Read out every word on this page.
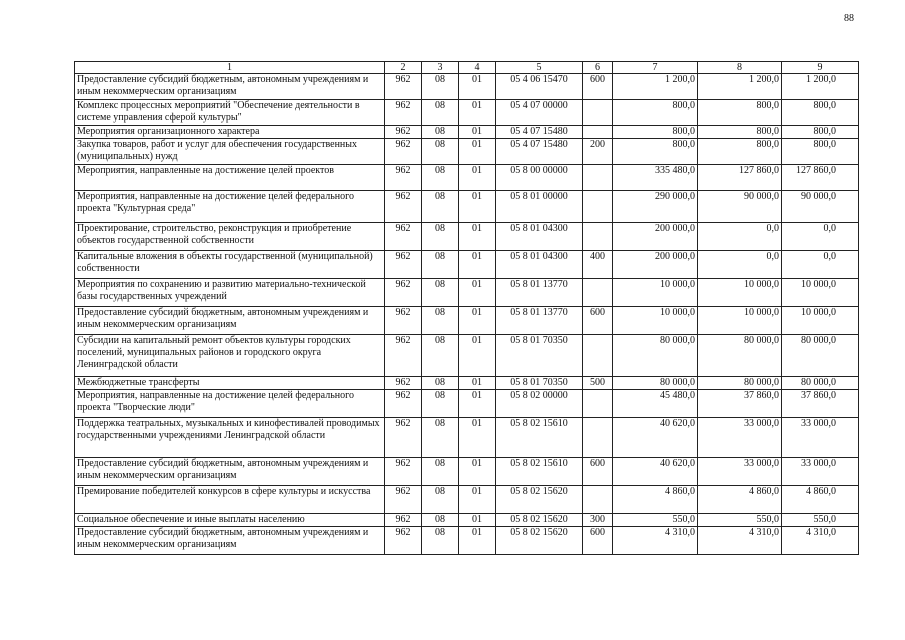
88
1	2	3	4	5	6	7	8	9
Предоставление субсидий бюджетным, автономным учреждениям и иным некоммерческим организациям	962	08	01	05 4 06 15470	600	1 200,0	1 200,0	1 200,0
Комплекс процессных мероприятий "Обеспечение деятельности в системе управления сферой культуры"	962	08	01	05 4 07 00000		800,0	800,0	800,0
Мероприятия организационного характера	962	08	01	05 4 07 15480		800,0	800,0	800,0
Закупка товаров, работ и услуг для обеспечения государственных (муниципальных) нужд	962	08	01	05 4 07 15480	200	800,0	800,0	800,0
Мероприятия, направленные на достижение целей проектов	962	08	01	05 8 00 00000		335 480,0	127 860,0	127 860,0
Мероприятия, направленные на достижение целей федерального проекта "Культурная среда"	962	08	01	05 8 01 00000		290 000,0	90 000,0	90 000,0
Проектирование, строительство, реконструкция и приобретение объектов государственной собственности	962	08	01	05 8 01 04300		200 000,0	0,0	0,0
Капитальные вложения в объекты государственной (муниципальной) собственности	962	08	01	05 8 01 04300	400	200 000,0	0,0	0,0
Мероприятия по сохранению и развитию материально-технической базы государственных учреждений	962	08	01	05 8 01 13770		10 000,0	10 000,0	10 000,0
Предоставление субсидий бюджетным, автономным учреждениям и иным некоммерческим организациям	962	08	01	05 8 01 13770	600	10 000,0	10 000,0	10 000,0
Субсидии на капитальный ремонт объектов культуры городских поселений, муниципальных районов и городского округа Ленинградской области	962	08	01	05 8 01 70350		80 000,0	80 000,0	80 000,0
Межбюджетные трансферты	962	08	01	05 8 01 70350	500	80 000,0	80 000,0	80 000,0
Мероприятия, направленные на достижение целей федерального проекта "Творческие люди"	962	08	01	05 8 02 00000		45 480,0	37 860,0	37 860,0
Поддержка театральных, музыкальных и кинофестивалей проводимых государственными учреждениями Ленинградской области	962	08	01	05 8 02 15610		40 620,0	33 000,0	33 000,0
Предоставление субсидий бюджетным, автономным учреждениям и иным некоммерческим организациям	962	08	01	05 8 02 15610	600	40 620,0	33 000,0	33 000,0
Премирование победителей конкурсов в сфере культуры и искусства	962	08	01	05 8 02 15620		4 860,0	4 860,0	4 860,0
Социальное обеспечение и иные выплаты населению	962	08	01	05 8 02 15620	300	550,0	550,0	550,0
Предоставление субсидий бюджетным, автономным учреждениям и иным некоммерческим организациям	962	08	01	05 8 02 15620	600	4 310,0	4 310,0	4 310,0
